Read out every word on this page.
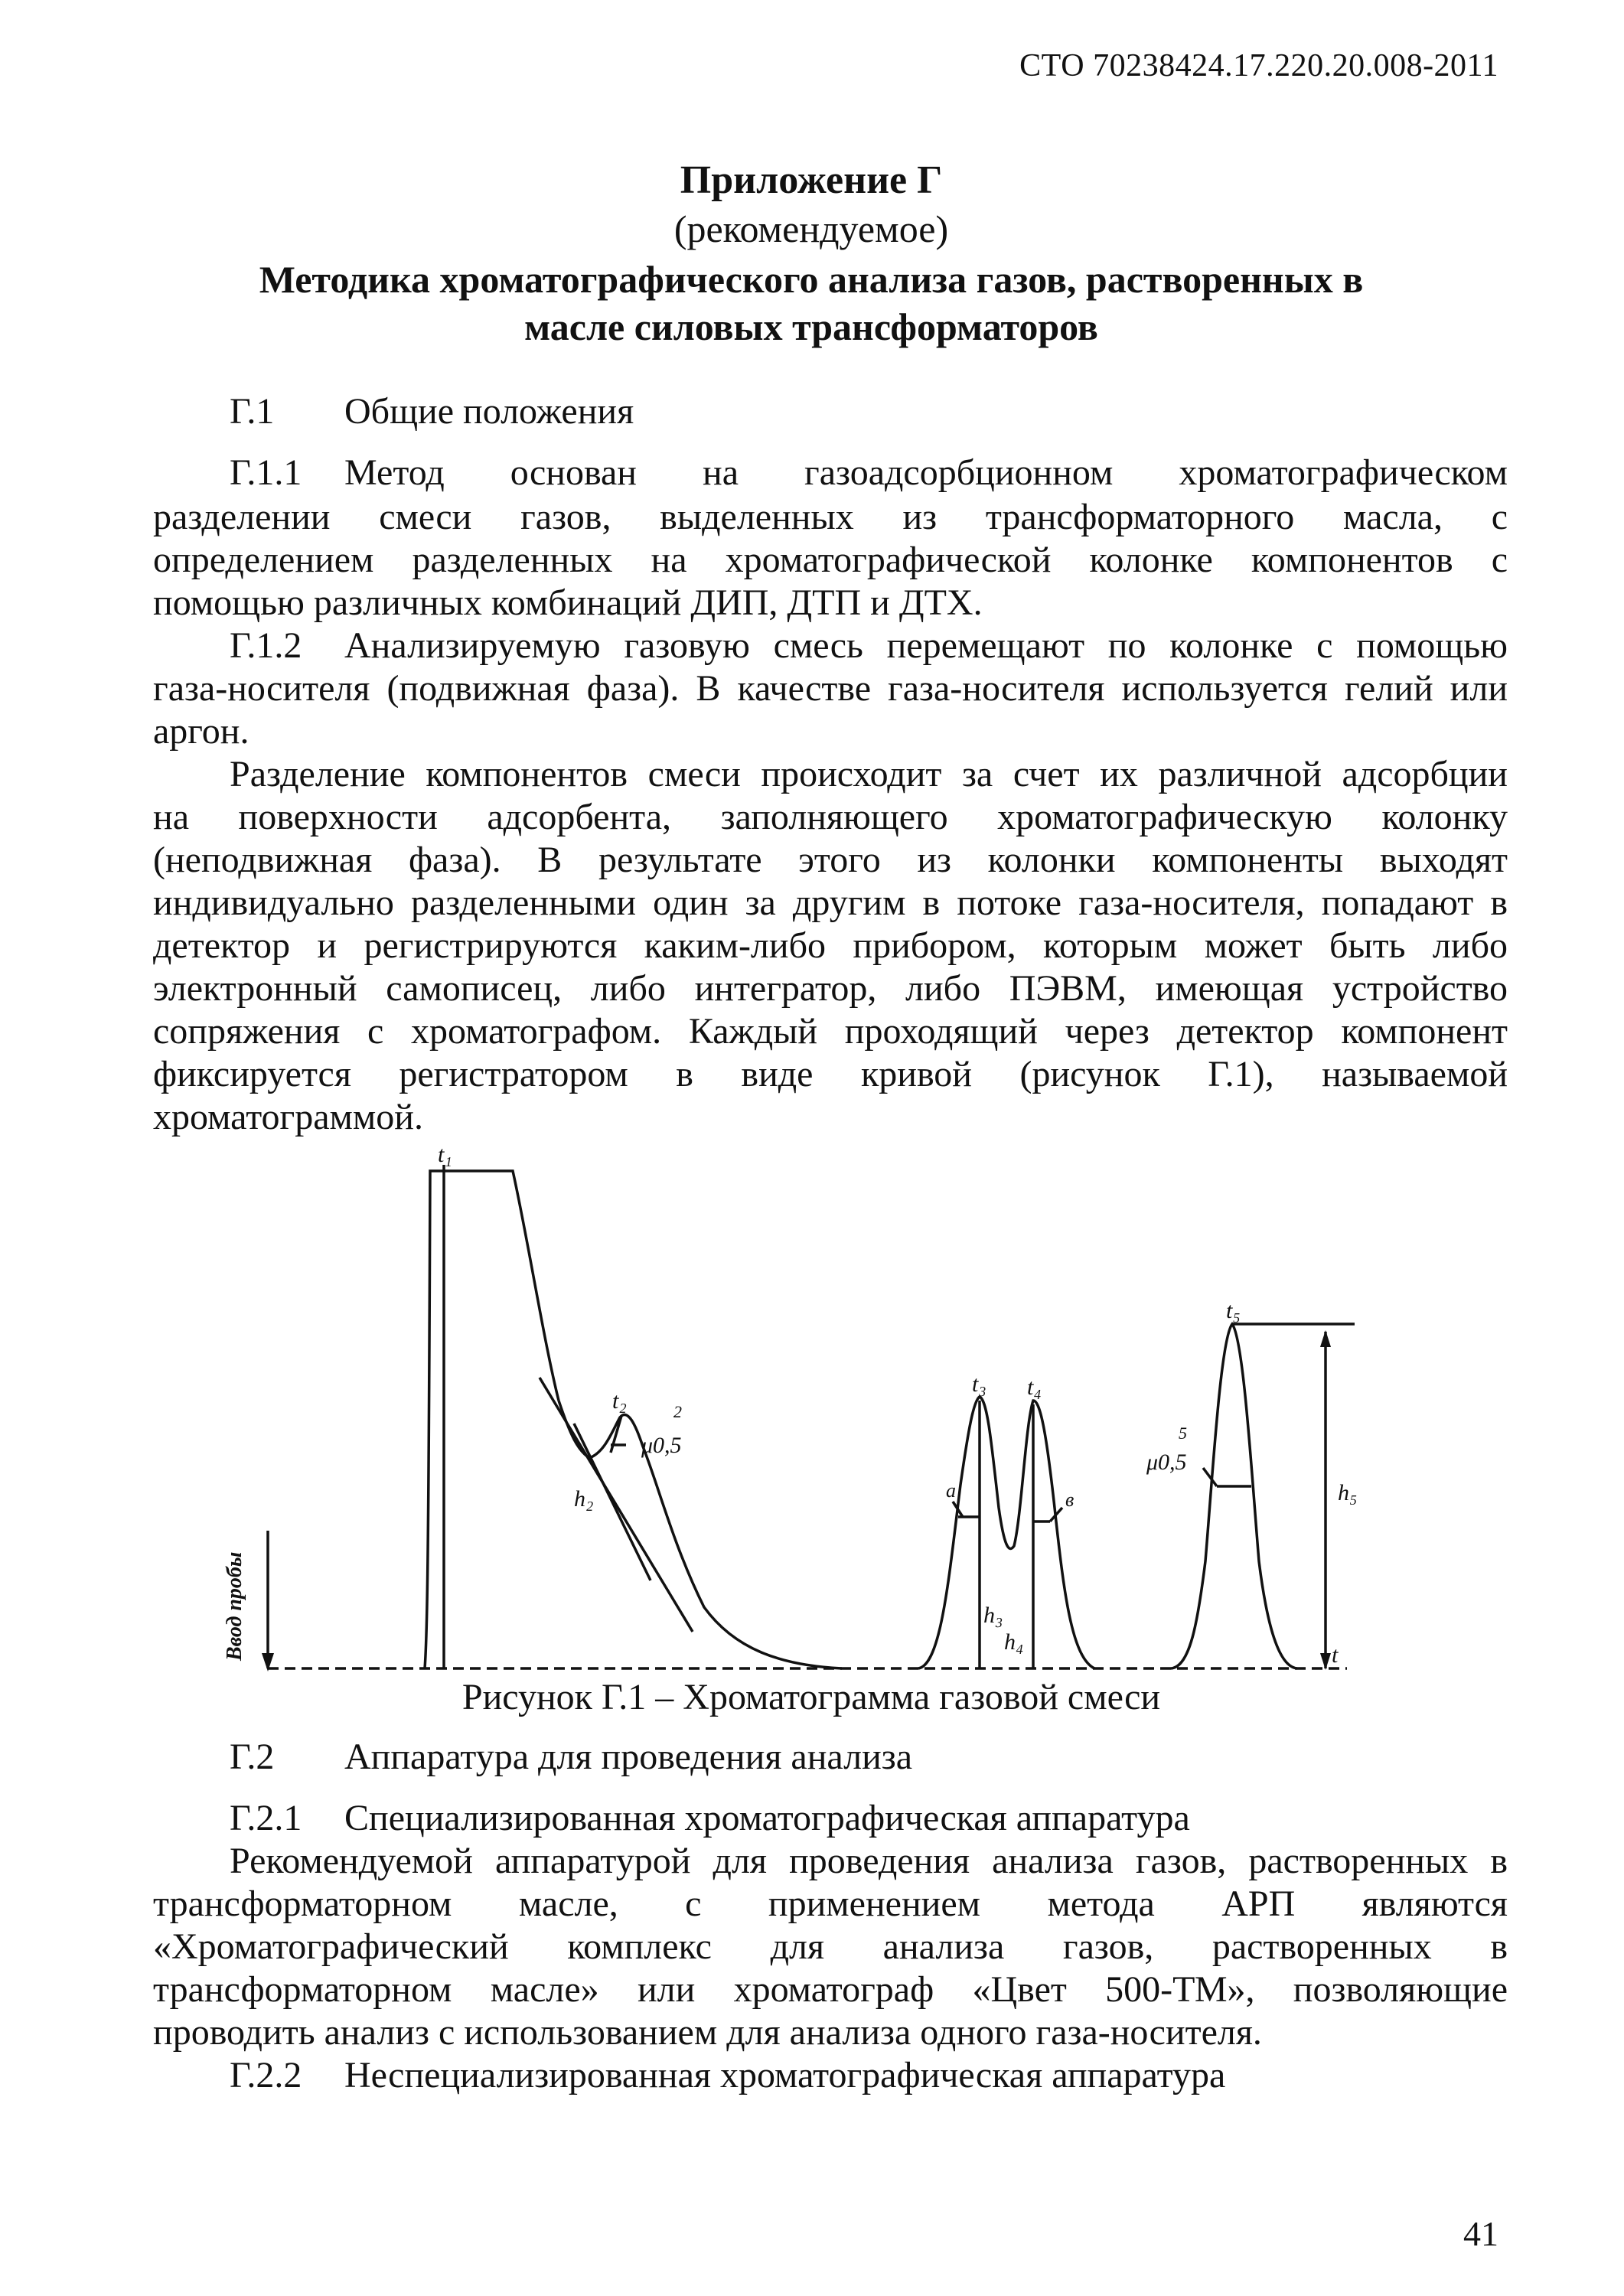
СТО 70238424.17.220.20.008-2011
Приложение Г
(рекомендуемое)
Методика хроматографического анализа газов, растворенных в
масле силовых трансформаторов
Г.1 Общие положения
Г.1.1	Метод основан на газоадсорбционном хроматографическом
разделении смеси газов, выделенных из трансформаторного масла, с
определением разделенных на хроматографической колонке компонентов с
помощью различных комбинаций ДИП, ДТП и ДТХ.
Г.1.2	Анализируемую газовую смесь перемещают по колонке с помощью
газа-носителя (подвижная фаза). В качестве газа-носителя используется гелий или
аргон.
Разделение компонентов смеси происходит за счет их различной адсорбции
на поверхности адсорбента, заполняющего хроматографическую колонку
(неподвижная фаза). В результате этого из колонки компоненты выходят
индивидуально разделенными один за другим в потоке газа-носителя, попадают в
детектор и регистрируются каким-либо прибором, которым может быть либо
электронный самописец, либо интегратор, либо ПЭВМ, имеющая устройство
сопряжения с хроматографом. Каждый проходящий через детектор компонент
фиксируется регистратором в виде кривой (рисунок Г.1), называемой
хроматограммой.
Ввод пробы	t
t₁
t₂
t₃ t₄
t₅
h₂
h₃
h₄
h₅
μ0,5
2
μ0,5
5
a	в
Рисунок Г.1 – Хроматограмма газовой смеси
Г.2 Аппаратура для проведения анализа
Г.2.1 Специализированная хроматографическая аппаратура
Рекомендуемой аппаратурой для проведения анализа газов, растворенных в
трансформаторном масле, с применением метода АРП являются
«Хроматографический комплекс для анализа газов, растворенных в
трансформаторном масле» или хроматограф «Цвет 500-ТМ», позволяющие
проводить анализ с использованием для анализа одного газа-носителя.
Г.2.2 Неспециализированная хроматографическая аппаратура
41
